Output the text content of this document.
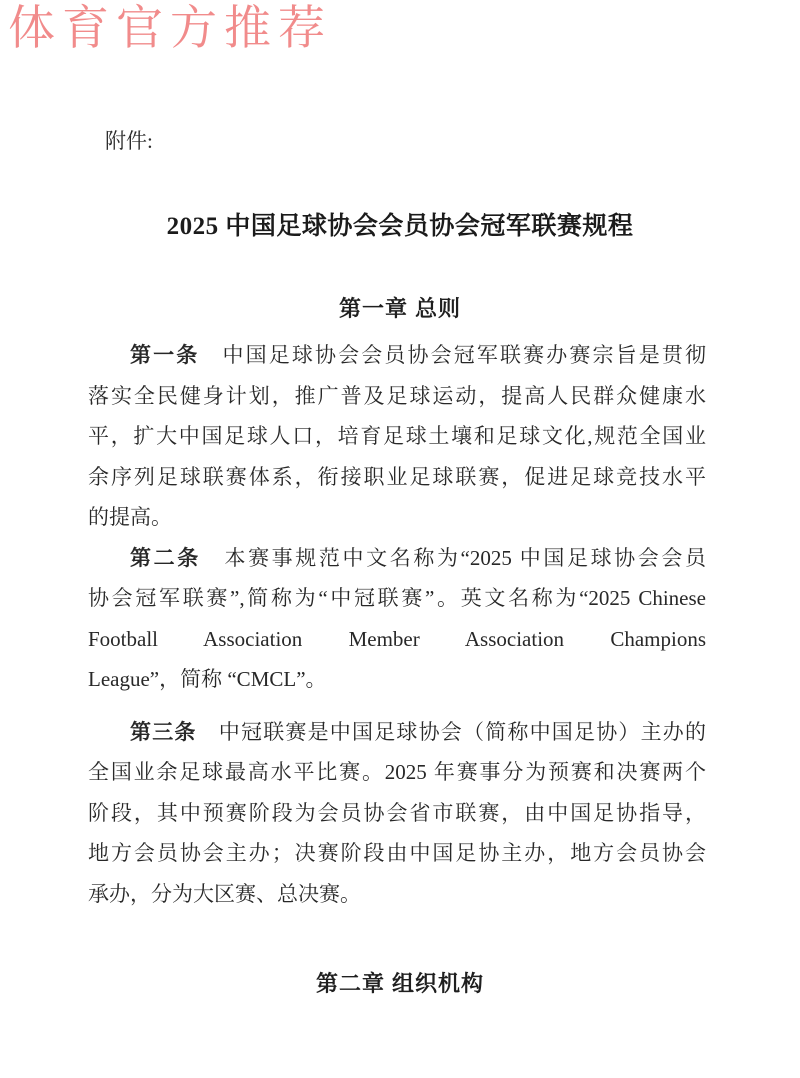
体育官方推荐
附件:
2025 中国足球协会会员协会冠军联赛规程
第一章 总则
第一条　中国足球协会会员协会冠军联赛办赛宗旨是贯彻
落实全民健身计划，推广普及足球运动，提高人民群众健康水
平，扩大中国足球人口，培育足球土壤和足球文化,规范全国业
余序列足球联赛体系，衔接职业足球联赛，促进足球竞技水平
的提高。
第二条　本赛事规范中文名称为“2025 中国足球协会会员
协会冠军联赛”,简称为“中冠联赛”。英文名称为“2025 Chinese
Football Association Member Association Champions
League”，简称 “CMCL”。
第三条　中冠联赛是中国足球协会（简称中国足协）主办的
全国业余足球最高水平比赛。2025 年赛事分为预赛和决赛两个
阶段，其中预赛阶段为会员协会省市联赛，由中国足协指导，
地方会员协会主办；决赛阶段由中国足协主办，地方会员协会
承办，分为大区赛、总决赛。
第二章 组织机构
